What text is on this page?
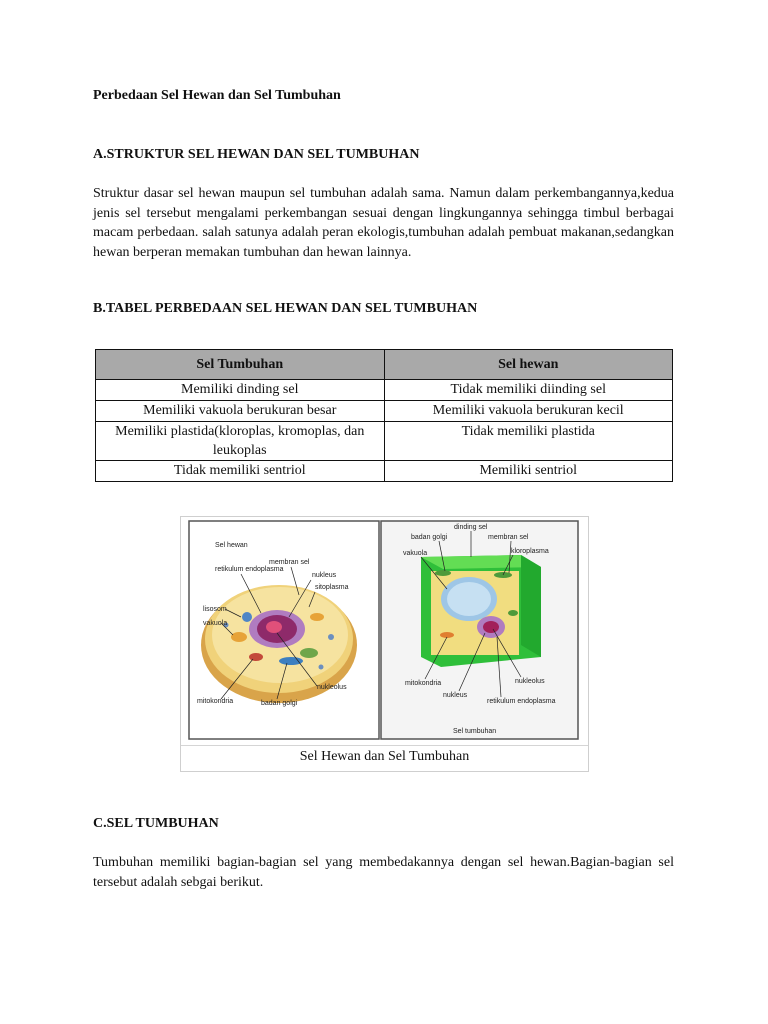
Perbedaan Sel Hewan dan Sel Tumbuhan
A.STRUKTUR SEL HEWAN DAN SEL TUMBUHAN
Struktur dasar sel hewan maupun sel tumbuhan adalah sama. Namun dalam perkembangannya,kedua jenis sel tersebut mengalami perkembangan sesuai dengan lingkungannya sehingga timbul berbagai macam perbedaan. salah satunya adalah peran ekologis,tumbuhan adalah pembuat makanan,sedangkan hewan berperan memakan tumbuhan dan hewan lainnya.
B.TABEL PERBEDAAN SEL HEWAN DAN SEL TUMBUHAN
Sel Tumbuhan	Sel hewan
Memiliki dinding sel	Tidak memiliki diinding sel
Memiliki vakuola berukuran besar	Memiliki vakuola berukuran kecil
Memiliki plastida(kloroplas, kromoplas, dan leukoplas	Tidak memiliki plastida
Tidak memiliki sentriol	Memiliki sentriol
Sel hewan
membran sel
retikulum endoplasma
nukleus
sitoplasma
lisosom
vakuola
nukleolus
mitokondria	badan golgi
dinding sel
badan golgi	membran sel
vakuola	kloroplasma
mitokondria	nukleolus
nukleus
retikulum endoplasma
Sel tumbuhan
Sel Hewan dan Sel Tumbuhan
C.SEL TUMBUHAN
Tumbuhan memiliki bagian-bagian sel yang membedakannya dengan sel hewan.Bagian-bagian sel tersebut adalah sebgai berikut.
